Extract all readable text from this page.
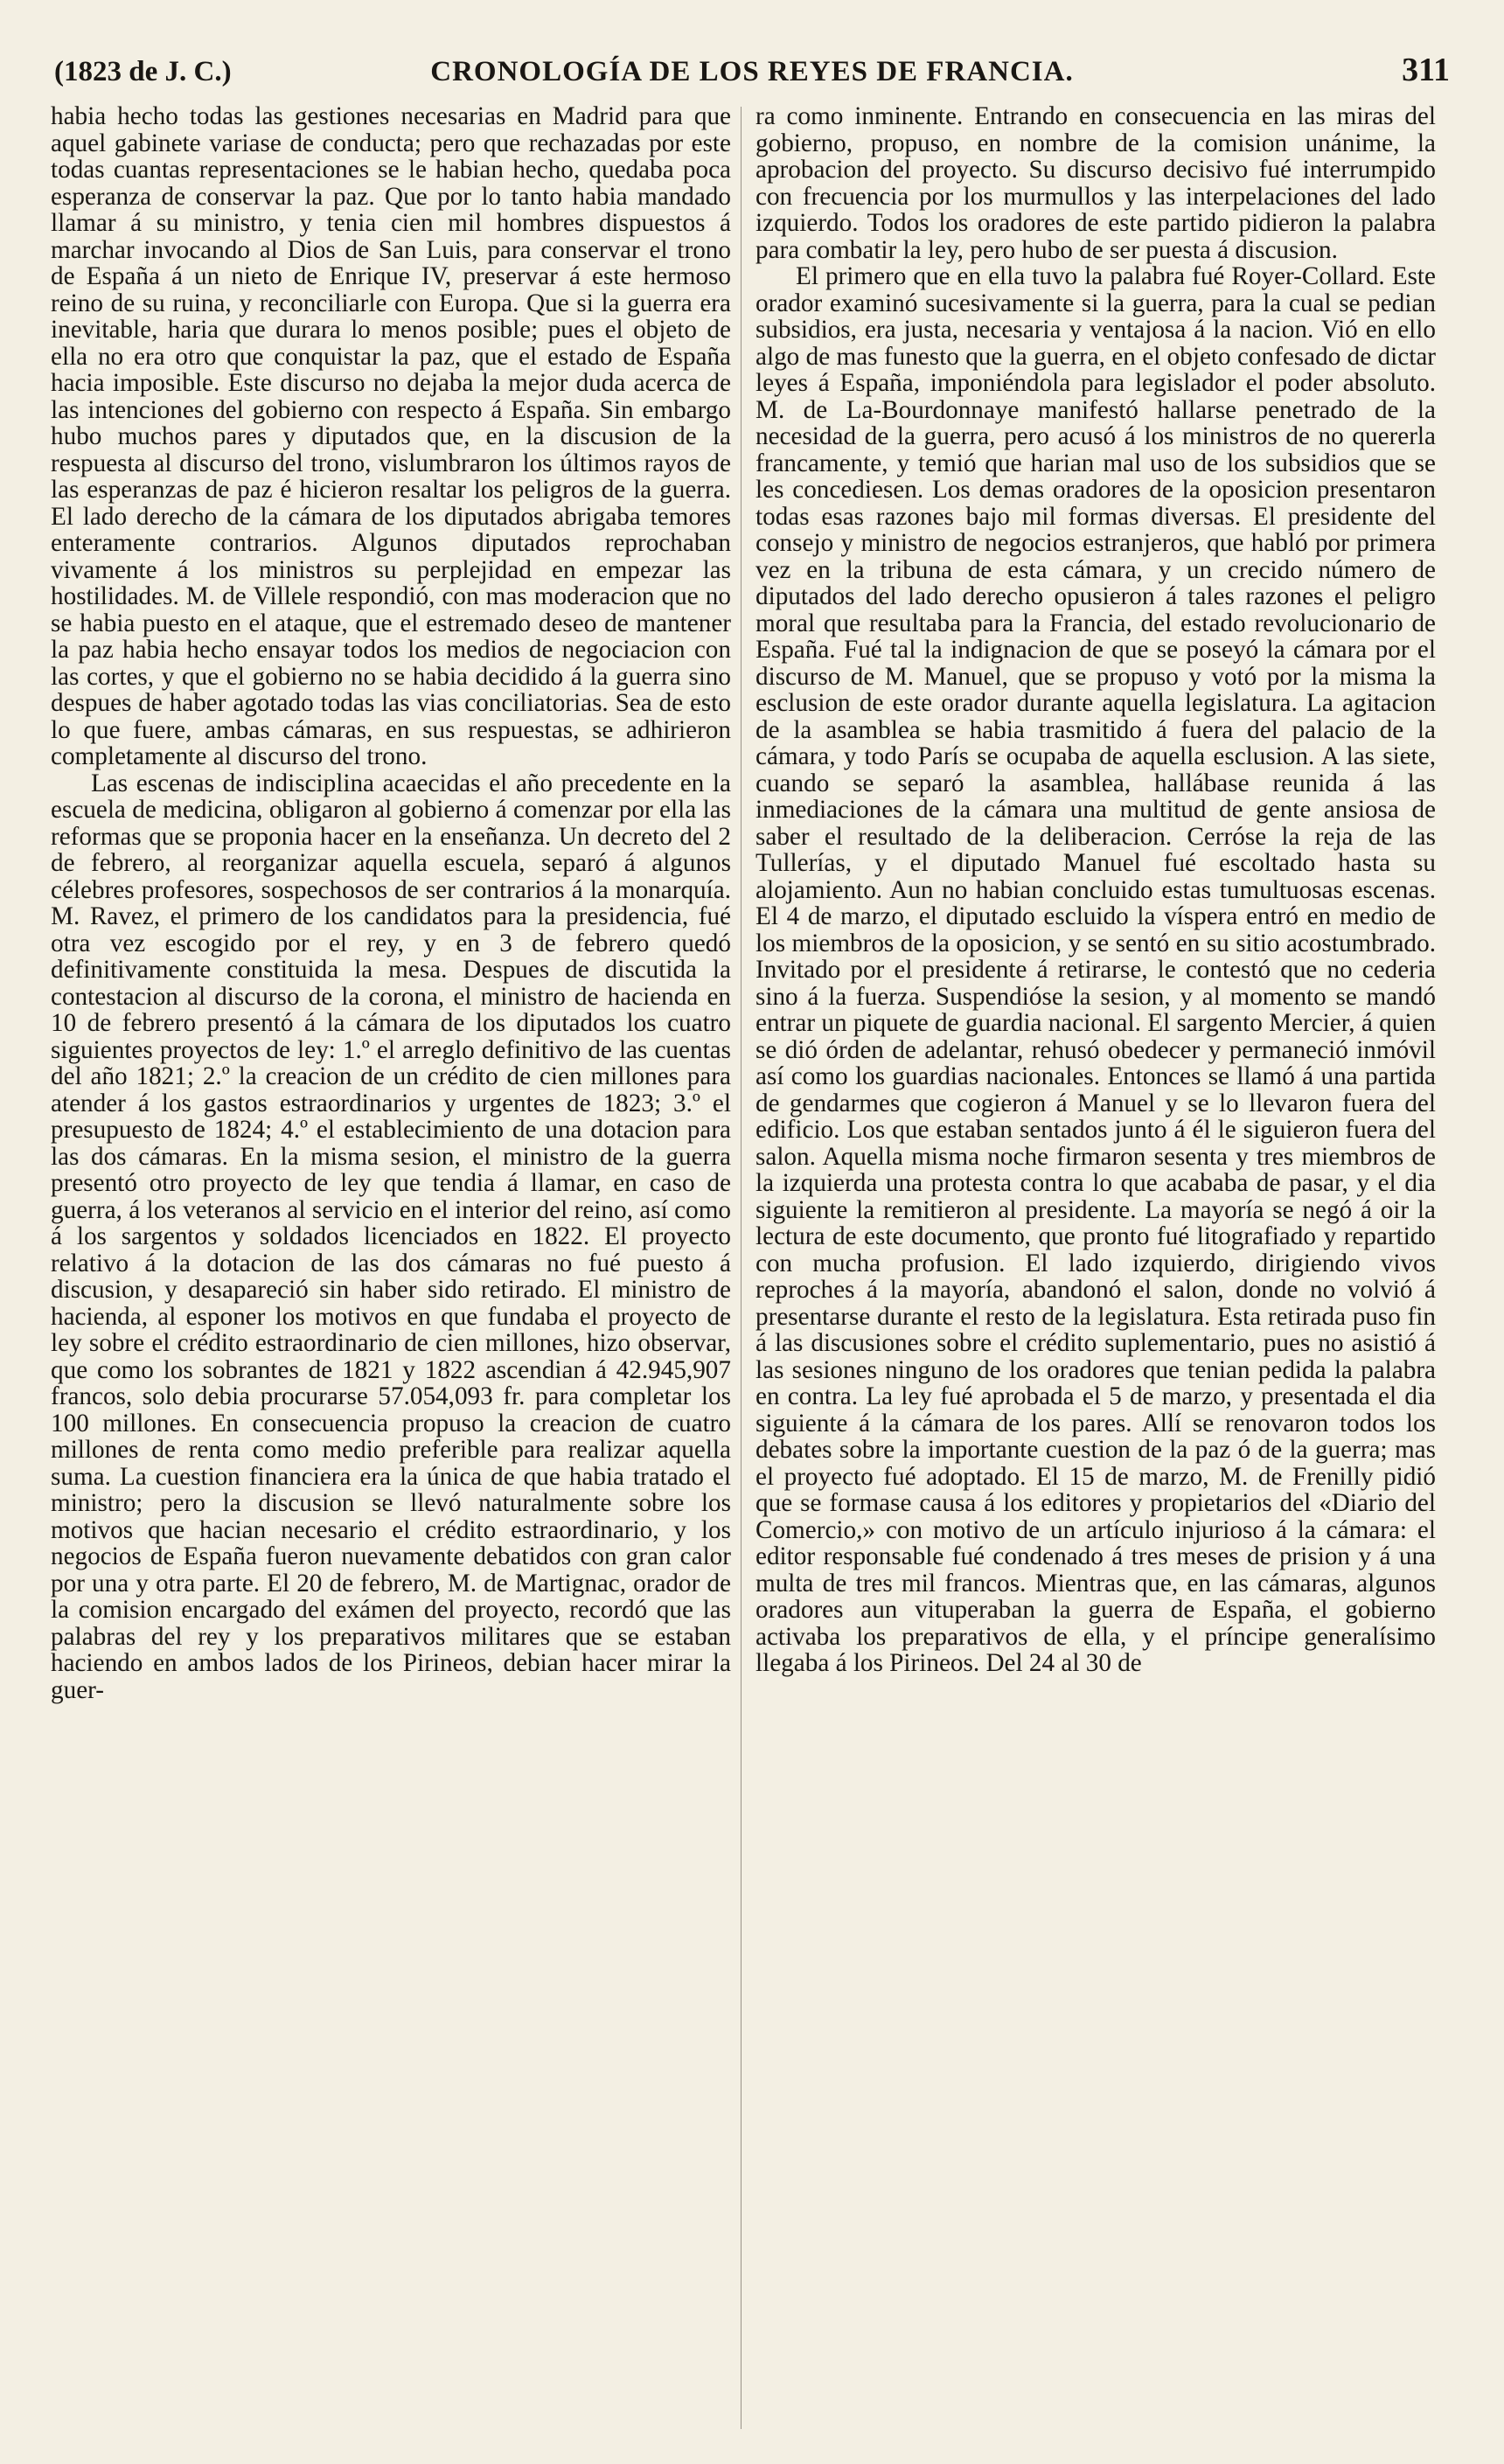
(1823 de J. C.)	CRONOLOGÍA DE LOS REYES DE FRANCIA.	311

habia hecho todas las gestiones necesarias en Madrid para que aquel gabinete variase de conducta; pero que rechazadas por este todas cuantas representaciones se le habian hecho, quedaba poca esperanza de conservar la paz. Que por lo tanto habia mandado llamar á su ministro, y tenia cien mil hombres dispuestos á marchar invocando al Dios de San Luis, para conservar el trono de España á un nieto de Enrique IV, preservar á este hermoso reino de su ruina, y reconciliarle con Europa. Que si la guerra era inevitable, haria que durara lo menos posible; pues el objeto de ella no era otro que conquistar la paz, que el estado de España hacia imposible. Este discurso no dejaba la mejor duda acerca de las intenciones del gobierno con respecto á España. Sin embargo hubo muchos pares y diputados que, en la discusion de la respuesta al discurso del trono, vislumbraron los últimos rayos de las esperanzas de paz é hicieron resaltar los peligros de la guerra. El lado derecho de la cámara de los diputados abrigaba temores enteramente contrarios. Algunos diputados reprochaban vivamente á los ministros su perplejidad en empezar las hostilidades. M. de Villele respondió, con mas moderacion que no se habia puesto en el ataque, que el estremado deseo de mantener la paz habia hecho ensayar todos los medios de negociacion con las cortes, y que el gobierno no se habia decidido á la guerra sino despues de haber agotado todas las vias conciliatorias. Sea de esto lo que fuere, ambas cámaras, en sus respuestas, se adhirieron completamente al discurso del trono.

Las escenas de indisciplina acaecidas el año precedente en la escuela de medicina, obligaron al gobierno á comenzar por ella las reformas que se proponia hacer en la enseñanza. Un decreto del 2 de febrero, al reorganizar aquella escuela, separó á algunos célebres profesores, sospechosos de ser contrarios á la monarquía. M. Ravez, el primero de los candidatos para la presidencia, fué otra vez escogido por el rey, y en 3 de febrero quedó definitivamente constituida la mesa. Despues de discutida la contestacion al discurso de la corona, el ministro de hacienda en 10 de febrero presentó á la cámara de los diputados los cuatro siguientes proyectos de ley: 1.º el arreglo definitivo de las cuentas del año 1821; 2.º la creacion de un crédito de cien millones para atender á los gastos estraordinarios y urgentes de 1823; 3.º el presupuesto de 1824; 4.º el establecimiento de una dotacion para las dos cámaras. En la misma sesion, el ministro de la guerra presentó otro proyecto de ley que tendia á llamar, en caso de guerra, á los veteranos al servicio en el interior del reino, así como á los sargentos y soldados licenciados en 1822. El proyecto relativo á la dotacion de las dos cámaras no fué puesto á discusion, y desapareció sin haber sido retirado. El ministro de hacienda, al esponer los motivos en que fundaba el proyecto de ley sobre el crédito estraordinario de cien millones, hizo observar, que como los sobrantes de 1821 y 1822 ascendian á 42.945,907 francos, solo debia procurarse 57.054,093 fr. para completar los 100 millones. En consecuencia propuso la creacion de cuatro millones de renta como medio preferible para realizar aquella suma. La cuestion financiera era la única de que habia tratado el ministro; pero la discusion se llevó naturalmente sobre los motivos que hacian necesario el crédito estraordinario, y los negocios de España fueron nuevamente debatidos con gran calor por una y otra parte. El 20 de febrero, M. de Martignac, orador de la comision encargado del exámen del proyecto, recordó que las palabras del rey y los preparativos militares que se estaban haciendo en ambos lados de los Pirineos, debian hacer mirar la guer-

ra como inminente. Entrando en consecuencia en las miras del gobierno, propuso, en nombre de la comision unánime, la aprobacion del proyecto. Su discurso decisivo fué interrumpido con frecuencia por los murmullos y las interpelaciones del lado izquierdo. Todos los oradores de este partido pidieron la palabra para combatir la ley, pero hubo de ser puesta á discusion.

El primero que en ella tuvo la palabra fué Royer-Collard. Este orador examinó sucesivamente si la guerra, para la cual se pedian subsidios, era justa, necesaria y ventajosa á la nacion. Vió en ello algo de mas funesto que la guerra, en el objeto confesado de dictar leyes á España, imponiéndola para legislador el poder absoluto. M. de La-Bourdonnaye manifestó hallarse penetrado de la necesidad de la guerra, pero acusó á los ministros de no quererla francamente, y temió que harian mal uso de los subsidios que se les concediesen. Los demas oradores de la oposicion presentaron todas esas razones bajo mil formas diversas. El presidente del consejo y ministro de negocios estranjeros, que habló por primera vez en la tribuna de esta cámara, y un crecido número de diputados del lado derecho opusieron á tales razones el peligro moral que resultaba para la Francia, del estado revolucionario de España. Fué tal la indignacion de que se poseyó la cámara por el discurso de M. Manuel, que se propuso y votó por la misma la esclusion de este orador durante aquella legislatura. La agitacion de la asamblea se habia trasmitido á fuera del palacio de la cámara, y todo París se ocupaba de aquella esclusion. A las siete, cuando se separó la asamblea, hallábase reunida á las inmediaciones de la cámara una multitud de gente ansiosa de saber el resultado de la deliberacion. Cerróse la reja de las Tullerías, y el diputado Manuel fué escoltado hasta su alojamiento. Aun no habian concluido estas tumultuosas escenas. El 4 de marzo, el diputado escluido la víspera entró en medio de los miembros de la oposicion, y se sentó en su sitio acostumbrado. Invitado por el presidente á retirarse, le contestó que no cederia sino á la fuerza. Suspendióse la sesion, y al momento se mandó entrar un piquete de guardia nacional. El sargento Mercier, á quien se dió órden de adelantar, rehusó obedecer y permaneció inmóvil así como los guardias nacionales. Entonces se llamó á una partida de gendarmes que cogieron á Manuel y se lo llevaron fuera del edificio. Los que estaban sentados junto á él le siguieron fuera del salon. Aquella misma noche firmaron sesenta y tres miembros de la izquierda una protesta contra lo que acababa de pasar, y el dia siguiente la remitieron al presidente. La mayoría se negó á oir la lectura de este documento, que pronto fué litografiado y repartido con mucha profusion. El lado izquierdo, dirigiendo vivos reproches á la mayoría, abandonó el salon, donde no volvió á presentarse durante el resto de la legislatura. Esta retirada puso fin á las discusiones sobre el crédito suplementario, pues no asistió á las sesiones ninguno de los oradores que tenian pedida la palabra en contra. La ley fué aprobada el 5 de marzo, y presentada el dia siguiente á la cámara de los pares. Allí se renovaron todos los debates sobre la importante cuestion de la paz ó de la guerra; mas el proyecto fué adoptado. El 15 de marzo, M. de Frenilly pidió que se formase causa á los editores y propietarios del «Diario del Comercio,» con motivo de un artículo injurioso á la cámara: el editor responsable fué condenado á tres meses de prision y á una multa de tres mil francos. Mientras que, en las cámaras, algunos oradores aun vituperaban la guerra de España, el gobierno activaba los preparativos de ella, y el príncipe generalísimo llegaba á los Pirineos. Del 24 al 30 de
